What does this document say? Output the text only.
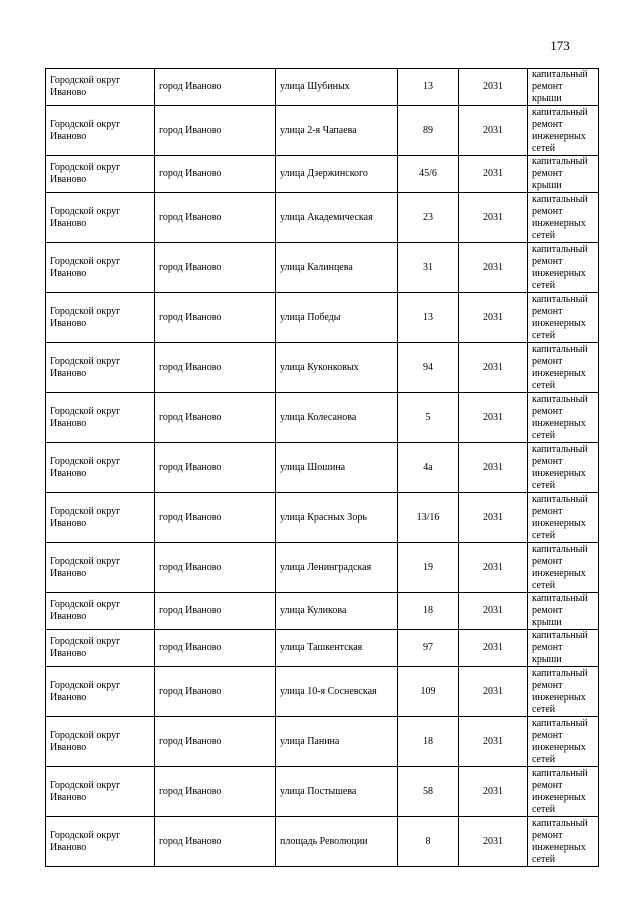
173
Городской округ Иваново	город Иваново	улица Шубиных	13	2031	капитальный ремонт крыши
Городской округ Иваново	город Иваново	улица 2-я Чапаева	89	2031	капитальный ремонт инженерных сетей
Городской округ Иваново	город Иваново	улица Дзержинского	45/6	2031	капитальный ремонт крыши
Городской округ Иваново	город Иваново	улица Академическая	23	2031	капитальный ремонт инженерных сетей
Городской округ Иваново	город Иваново	улица Калинцева	31	2031	капитальный ремонт инженерных сетей
Городской округ Иваново	город Иваново	улица Победы	13	2031	капитальный ремонт инженерных сетей
Городской округ Иваново	город Иваново	улица Куконковых	94	2031	капитальный ремонт инженерных сетей
Городской округ Иваново	город Иваново	улица Колесанова	5	2031	капитальный ремонт инженерных сетей
Городской округ Иваново	город Иваново	улица Шошина	4а	2031	капитальный ремонт инженерных сетей
Городской округ Иваново	город Иваново	улица Красных Зорь	13/16	2031	капитальный ремонт инженерных сетей
Городской округ Иваново	город Иваново	улица Ленинградская	19	2031	капитальный ремонт инженерных сетей
Городской округ Иваново	город Иваново	улица Куликова	18	2031	капитальный ремонт крыши
Городской округ Иваново	город Иваново	улица Ташкентская	97	2031	капитальный ремонт крыши
Городской округ Иваново	город Иваново	улица 10-я Сосневская	109	2031	капитальный ремонт инженерных сетей
Городской округ Иваново	город Иваново	улица Панина	18	2031	капитальный ремонт инженерных сетей
Городской округ Иваново	город Иваново	улица Постышева	58	2031	капитальный ремонт инженерных сетей
Городской округ Иваново	город Иваново	площадь Революции	8	2031	капитальный ремонт инженерных сетей
